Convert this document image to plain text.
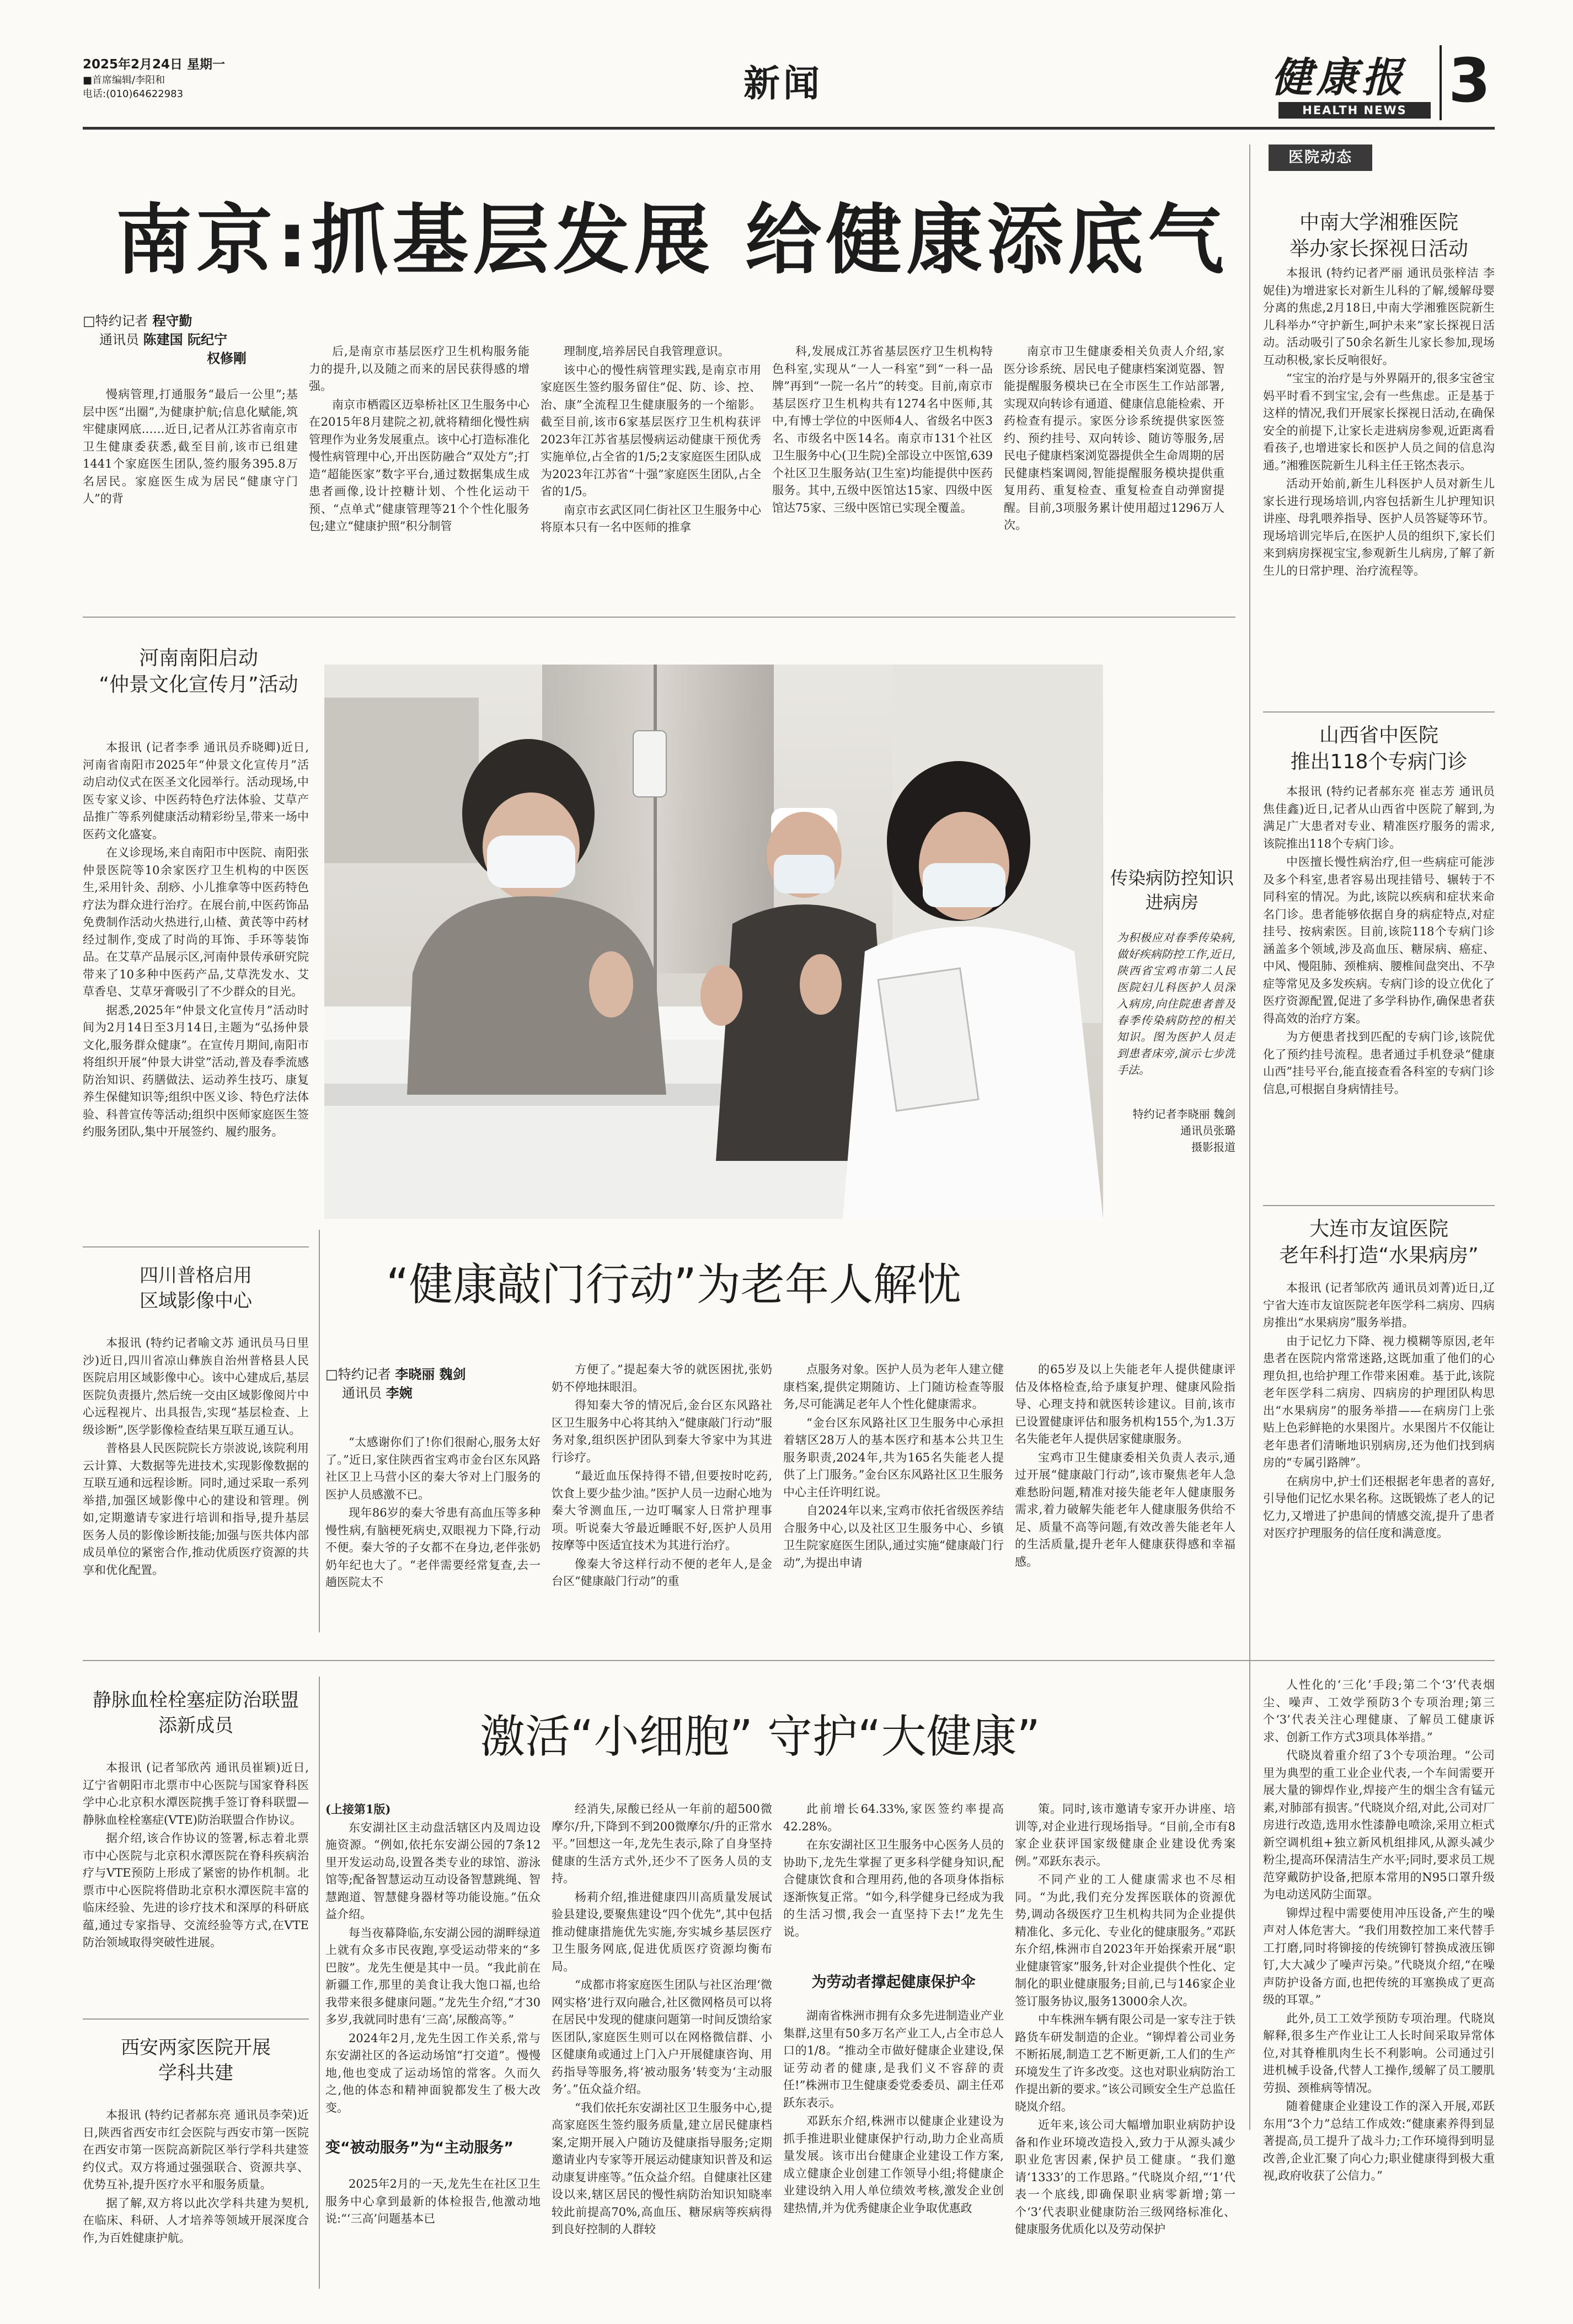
2025年2月24日 星期一
■首席编辑/李阳和
电话:(010)64622983	新闻	健康报
HEALTH NEWS 3
医院动态
南京:抓基层发展 给健康添底气
□特约记者 程守勤
通讯员 陈建国 阮纪宁
权修剛

慢病管理,打通服务“最后一公里”;基层中医“出圈”,为健康护航;信息化赋能,筑牢健康网底……近日,记者从江苏省南京市卫生健康委获悉,截至目前,该市已组建1441个家庭医生团队,签约服务395.8万名居民。家庭医生成为居民“健康守门人”的背

后,是南京市基层医疗卫生机构服务能力的提升,以及随之而来的居民获得感的增强。

南京市栖霞区迈皋桥社区卫生服务中心在2015年8月建院之初,就将精细化慢性病管理作为业务发展重点。该中心打造标准化慢性病管理中心,开出医防融合“双处方”;打造“超能医家”数字平台,通过数据集成生成患者画像,设计控糖计划、个性化运动干预、“点单式”健康管理等21个个性化服务包;建立“健康护照”积分制管

理制度,培养居民自我管理意识。

该中心的慢性病管理实践,是南京市用家庭医生签约服务留住“促、防、诊、控、治、康”全流程卫生健康服务的一个缩影。截至目前,该市6家基层医疗卫生机构获评2023年江苏省基层慢病运动健康干预优秀实施单位,占全省的1/5;2支家庭医生团队成为2023年江苏省“十强”家庭医生团队,占全省的1/5。

南京市玄武区同仁街社区卫生服务中心将原本只有一名中医师的推拿

科,发展成江苏省基层医疗卫生机构特色科室,实现从“一人一科室”到“一科一品牌”再到“一院一名片”的转变。目前,南京市基层医疗卫生机构共有1274名中医师,其中,有博士学位的中医师4人、省级名中医3名、市级名中医14名。南京市131个社区卫生服务中心(卫生院)全部设立中医馆,639个社区卫生服务站(卫生室)均能提供中医药服务。其中,五级中医馆达15家、四级中医馆达75家、三级中医馆已实现全覆盖。

南京市卫生健康委相关负责人介绍,家医分诊系统、居民电子健康档案浏览器、智能提醒服务模块已在全市医生工作站部署,实现双向转诊有通道、健康信息能检索、开药检查有提示。家医分诊系统提供家医签约、预约挂号、双向转诊、随访等服务,居民电子健康档案浏览器提供全生命周期的居民健康档案调阅,智能提醒服务模块提供重复用药、重复检查、重复检查自动弹窗提醒。目前,3项服务累计使用超过1296万人次。

中南大学湘雅医院
举办家长探视日活动

本报讯 (特约记者严丽 通讯员张梓洁 李妮佳)为增进家长对新生儿科的了解,缓解母婴分离的焦虑,2月18日,中南大学湘雅医院新生儿科举办“守护新生,呵护未来”家长探视日活动。活动吸引了50余名新生儿家长参加,现场互动积极,家长反响很好。

“宝宝的治疗是与外界隔开的,很多宝爸宝妈平时看不到宝宝,会有一些焦虑。正是基于这样的情况,我们开展家长探视日活动,在确保安全的前提下,让家长走进病房参观,近距离看看孩子,也增进家长和医护人员之间的信息沟通。”湘雅医院新生儿科主任王铭杰表示。

活动开始前,新生儿科医护人员对新生儿家长进行现场培训,内容包括新生儿护理知识讲座、母乳喂养指导、医护人员答疑等环节。现场培训完毕后,在医护人员的组织下,家长们来到病房探视宝宝,参观新生儿病房,了解了新生儿的日常护理、治疗流程等。

河南南阳启动
“仲景文化宣传月”活动

本报讯 (记者李季 通讯员乔晓卿)近日,河南省南阳市2025年“仲景文化宣传月”活动启动仪式在医圣文化园举行。活动现场,中医专家义诊、中医药特色疗法体验、艾草产品推广等系列健康活动精彩纷呈,带来一场中医药文化盛宴。

在义诊现场,来自南阳市中医院、南阳张仲景医院等10余家医疗卫生机构的中医医生,采用针灸、刮痧、小儿推拿等中医药特色疗法为群众进行治疗。在展台前,中医药饰品免费制作活动火热进行,山楂、黄芪等中药材经过制作,变成了时尚的耳饰、手环等装饰品。在艾草产品展示区,河南仲景传承研究院带来了10多种中医药产品,艾草洗发水、艾草香皂、艾草牙膏吸引了不少群众的目光。

据悉,2025年“仲景文化宣传月”活动时间为2月14日至3月14日,主题为“弘扬仲景文化,服务群众健康”。在宣传月期间,南阳市将组织开展“仲景大讲堂”活动,普及春季流感防治知识、药膳做法、运动养生技巧、康复养生保健知识等;组织中医义诊、特色疗法体验、科普宣传等活动;组织中医师家庭医生签约服务团队,集中开展签约、履约服务。

传染病防控知识
进病房
为积极应对春季传染病,做好疾病防控工作,近日,陕西省宝鸡市第二人民医院妇儿科医护人员深入病房,向住院患者普及春季传染病防控的相关知识。图为医护人员走到患者床旁,演示七步洗手法。
特约记者李晓丽 魏剑
通讯员张璐
摄影报道
山西省中医院
推出118个专病门诊

本报讯 (特约记者郝东亮 崔志芳 通讯员焦佳鑫)近日,记者从山西省中医院了解到,为满足广大患者对专业、精准医疗服务的需求,该院推出118个专病门诊。

中医擅长慢性病治疗,但一些病症可能涉及多个科室,患者容易出现挂错号、辗转于不同科室的情况。为此,该院以疾病和症状来命名门诊。患者能够依据自身的病症特点,对症挂号、按病索医。目前,该院118个专病门诊涵盖多个领域,涉及高血压、糖尿病、癌症、中风、慢阻肺、颈椎病、腰椎间盘突出、不孕症等常见及多发疾病。专病门诊的设立优化了医疗资源配置,促进了多学科协作,确保患者获得高效的治疗方案。

为方便患者找到匹配的专病门诊,该院优化了预约挂号流程。患者通过手机登录“健康山西”挂号平台,能直接查看各科室的专病门诊信息,可根据自身病情挂号。

大连市友谊医院
老年科打造“水果病房”

本报讯 (记者邹欣芮 通讯员刘菁)近日,辽宁省大连市友谊医院老年医学科二病房、四病房推出“水果病房”服务举措。

由于记忆力下降、视力模糊等原因,老年患者在医院内常常迷路,这既加重了他们的心理负担,也给护理工作带来困难。基于此,该院老年医学科二病房、四病房的护理团队构思出“水果病房”的服务举措——在病房门上张贴上色彩鲜艳的水果图片。水果图片不仅能让老年患者们清晰地识别病房,还为他们找到病房的“专属引路牌”。

在病房中,护士们还根据老年患者的喜好,引导他们记忆水果名称。这既锻炼了老人的记忆力,又增进了护患间的情感交流,提升了患者对医疗护理服务的信任度和满意度。

四川普格启用
区域影像中心

本报讯 (特约记者喻文苏 通讯员马日里沙)近日,四川省凉山彝族自治州普格县人民医院启用区域影像中心。该中心建成后,基层医院负责摄片,然后统一交由区域影像阅片中心远程视片、出具报告,实现“基层检查、上级诊断”,医学影像检查结果互联互通互认。

普格县人民医院院长方崇波说,该院利用云计算、大数据等先进技术,实现影像数据的互联互通和远程诊断。同时,通过采取一系列举措,加强区域影像中心的建设和管理。例如,定期邀请专家进行培训和指导,提升基层医务人员的影像诊断技能;加强与医共体内部成员单位的紧密合作,推动优质医疗资源的共享和优化配置。

“健康敲门行动”为老年人解忧
□特约记者 李晓丽 魏剑
通讯员 李婉

“太感谢你们了!你们很耐心,服务太好了。”近日,家住陕西省宝鸡市金台区东风路社区卫上马营小区的秦大爷对上门服务的医护人员感激不已。

现年86岁的秦大爷患有高血压等多种慢性病,有脑梗死病史,双眼视力下降,行动不便。秦大爷的子女都不在身边,老伴张奶奶年纪也大了。“老伴需要经常复查,去一趟医院太不

方便了。”提起秦大爷的就医困扰,张奶奶不停地抹眼泪。

得知秦大爷的情况后,金台区东风路社区卫生服务中心将其纳入“健康敲门行动”服务对象,组织医护团队到秦大爷家中为其进行诊疗。

“最近血压保持得不错,但要按时吃药,饮食上要少盐少油。”医护人员一边耐心地为秦大爷测血压,一边叮嘱家人日常护理事项。听说秦大爷最近睡眠不好,医护人员用按摩等中医适宜技术为其进行治疗。

像秦大爷这样行动不便的老年人,是金台区“健康敲门行动”的重

点服务对象。医护人员为老年人建立健康档案,提供定期随访、上门随访检查等服务,尽可能满足老年人个性化健康需求。

“金台区东风路社区卫生服务中心承担着辖区28万人的基本医疗和基本公共卫生服务职责,2024年,共为165名失能老人提供了上门服务。”金台区东风路社区卫生服务中心主任许明红说。

自2024年以来,宝鸡市依托省级医养结合服务中心,以及社区卫生服务中心、乡镇卫生院家庭医生团队,通过实施“健康敲门行动”,为提出申请

的65岁及以上失能老年人提供健康评估及体格检查,给予康复护理、健康风险指导、心理支持和就医转诊建议。目前,该市已设置健康评估和服务机构155个,为1.3万名失能老年人提供居家健康服务。

宝鸡市卫生健康委相关负责人表示,通过开展“健康敲门行动”,该市聚焦老年人急难愁盼问题,精准对接失能老年人健康服务需求,着力破解失能老年人健康服务供给不足、质量不高等问题,有效改善失能老年人的生活质量,提升老年人健康获得感和幸福感。

静脉血栓栓塞症防治联盟
添新成员

本报讯 (记者邹欣芮 通讯员崔颖)近日,辽宁省朝阳市北票市中心医院与国家脊科医学中心北京积水潭医院携手签订脊科联盟—静脉血栓栓塞症(VTE)防治联盟合作协议。

据介绍,该合作协议的签署,标志着北票市中心医院与北京积水潭医院在脊科疾病治疗与VTE预防上形成了紧密的协作机制。北票市中心医院将借助北京积水潭医院丰富的临床经验、先进的诊疗技术和深厚的科研底蕴,通过专家指导、交流经验等方式,在VTE防治领域取得突破性进展。

西安两家医院开展
学科共建

本报讯 (特约记者郝东亮 通讯员李荣)近日,陕西省西安市红会医院与西安市第一医院在西安市第一医院高新院区举行学科共建签约仪式。双方将通过强强联合、资源共享、优势互补,提升医疗水平和服务质量。

据了解,双方将以此次学科共建为契机,在临床、科研、人才培养等领域开展深度合作,为百姓健康护航。

激活“小细胞” 守护“大健康”

(上接第1版)

东安湖社区主动盘活辖区内及周边设施资源。“例如,依托东安湖公园的7条12里开发运动岛,设置各类专业的球馆、游泳馆等;配备智慧运动互动设备智慧跳绳、智慧跑道、智慧健身器材等功能设施。”伍众益介绍。

每当夜幕降临,东安湖公园的湖畔绿道上就有众多市民夜跑,享受运动带来的“多巴胺”。龙先生便是其中一员。“我此前在新疆工作,那里的美食让我大饱口福,也给我带来很多健康问题。”龙先生介绍,“才30多岁,我就同时患有‘三高’,尿酸高等。”

2024年2月,龙先生因工作关系,常与东安湖社区的各运动场馆“打交道”。慢慢地,他也变成了运动场馆的常客。久而久之,他的体态和精神面貌都发生了极大改变。

变“被动服务”为“主动服务”

2025年2月的一天,龙先生在社区卫生服务中心拿到最新的体检报告,他激动地说:“‘三高’问题基本已

经消失,尿酸已经从一年前的超500微摩尔/升,下降到不到200微摩尔/升的正常水平。”回想这一年,龙先生表示,除了自身坚持健康的生活方式外,还少不了医务人员的支持。

杨莉介绍,推进健康四川高质量发展试验县建设,要聚焦建设“四个优先”,其中包括推动健康措施优先实施,夯实城乡基层医疗卫生服务网底,促进优质医疗资源均衡布局。

“成都市将家庭医生团队与社区治理‘微网实格’进行双向融合,社区微网格员可以将在居民中发现的健康问题第一时间反馈给家医团队,家庭医生则可以在网格微信群、小区健康角或通过上门入户开展健康咨询、用药指导等服务,将‘被动服务’转变为‘主动服务’。”伍众益介绍。

“我们依托东安湖社区卫生服务中心,提高家庭医生签约服务质量,建立居民健康档案,定期开展入户随访及健康指导服务;定期邀请业内专家等开展运动健康知识普及和运动康复讲座等。”伍众益介绍。自健康社区建设以来,辖区居民的慢性病防治知识知晓率较此前提高70%,高血压、糖尿病等疾病得到良好控制的人群较

此前增长64.33%,家医签约率提高42.28%。

在东安湖社区卫生服务中心医务人员的协助下,龙先生掌握了更多科学健身知识,配合健康饮食和合理用药,他的各项身体指标逐渐恢复正常。“如今,科学健身已经成为我的生活习惯,我会一直坚持下去!”龙先生说。

为劳动者撑起健康保护伞

湖南省株洲市拥有众多先进制造业产业集群,这里有50多万名产业工人,占全市总人口的1/8。“推动全市做好健康企业建设,保证劳动者的健康,是我们义不容辞的责任!”株洲市卫生健康委党委委员、副主任邓跃东表示。

邓跃东介绍,株洲市以健康企业建设为抓手推进职业健康保护行动,助力企业高质量发展。该市出台健康企业建设工作方案,成立健康企业创建工作领导小组;将健康企业建设纳入用人单位绩效考核,激发企业创建热情,并为优秀健康企业争取优惠政

策。同时,该市邀请专家开办讲座、培训等,对企业进行现场指导。“目前,全市有8家企业获评国家级健康企业建设优秀案例。”邓跃东表示。

不同产业的工人健康需求也不尽相同。“为此,我们充分发挥医联体的资源优势,调动各级医疗卫生机构共同为企业提供精准化、多元化、专业化的健康服务。”邓跃东介绍,株洲市自2023年开始探索开展“职业健康管家”服务,针对企业提供个性化、定制化的职业健康服务;目前,已与146家企业签订服务协议,服务13000余人次。

中车株洲车辆有限公司是一家专注于铁路货车研发制造的企业。“铆焊着公司业务不断拓展,制造工艺不断更新,工人们的生产环境发生了许多改变。这也对职业病防治工作提出新的要求。”该公司顾安全生产总监任晓岚介绍。

近年来,该公司大幅增加职业病防护设备和作业环境改造投入,致力于从源头减少职业危害因素,保护员工健康。“我们邀请‘1333’的工作思路。”代晓岚介绍,“‘1’代表一个底线,即确保职业病零新增;第一个‘3’代表职业健康防治三级网络标准化、健康服务优质化以及劳动保护

人性化的‘三化’手段;第二个‘3’代表烟尘、噪声、工效学预防3个专项治理;第三个‘3’代表关注心理健康、了解员工健康诉求、创新工作方式3项具体举措。”

代晓岚着重介绍了3个专项治理。“公司里为典型的重工业企业代表,一个车间需要开展大量的铆焊作业,焊接产生的烟尘含有锰元素,对肺部有损害。”代晓岚介绍,对此,公司对厂房进行改造,选用水性漆静电喷涂,采用立柜式新空调机组+独立新风机组排风,从源头减少粉尘,提高环保清洁生产水平;同时,要求员工规范穿戴防护设备,把原本常用的N95口罩升级为电动送风防尘面罩。

铆焊过程中需要使用冲压设备,产生的噪声对人体危害大。“我们用数控加工来代替手工打磨,同时将铆接的传统铆钉替换成液压铆钉,大大减少了噪声污染。”代晓岚介绍,“在噪声防护设备方面,也把传统的耳塞换成了更高级的耳罩。”

此外,员工工效学预防专项治理。代晓岚解释,很多生产作业让工人长时间采取异常体位,对其脊椎肌肉生长不利影响。公司通过引进机械手设备,代替人工操作,缓解了员工腰肌劳损、颈椎病等情况。

随着健康企业建设工作的深入开展,邓跃东用“3个力”总结工作成效:“健康素养得到显著提高,员工提升了战斗力;工作环境得到明显改善,企业汇聚了向心力;职业健康得到极大重视,政府收获了公信力。”
